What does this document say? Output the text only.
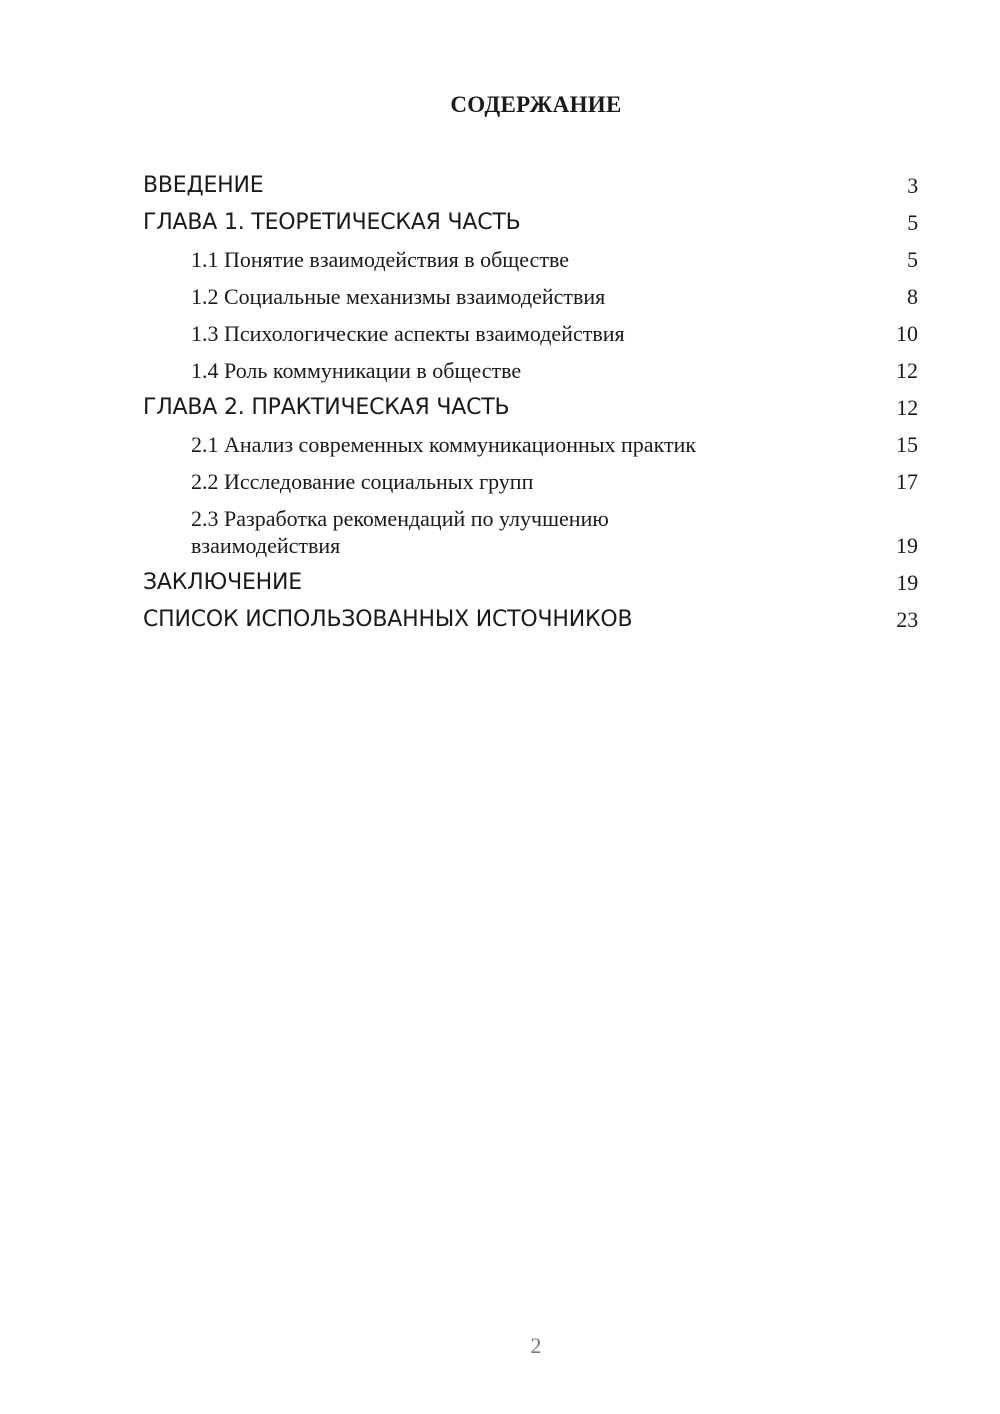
СОДЕРЖАНИЕ
ВВЕДЕНИЕ	3
ГЛАВА 1. ТЕОРЕТИЧЕСКАЯ ЧАСТЬ	5
1.1 Понятие взаимодействия в обществе	5
1.2 Социальные механизмы взаимодействия	8
1.3 Психологические аспекты взаимодействия	10
1.4 Роль коммуникации в обществе	12
ГЛАВА 2. ПРАКТИЧЕСКАЯ ЧАСТЬ	12
2.1 Анализ современных коммуникационных практик	15
2.2 Исследование социальных групп	17
2.3 Разработка рекомендаций по улучшению взаимодействия	19
ЗАКЛЮЧЕНИЕ	19
СПИСОК ИСПОЛЬЗОВАННЫХ ИСТОЧНИКОВ	23
2
